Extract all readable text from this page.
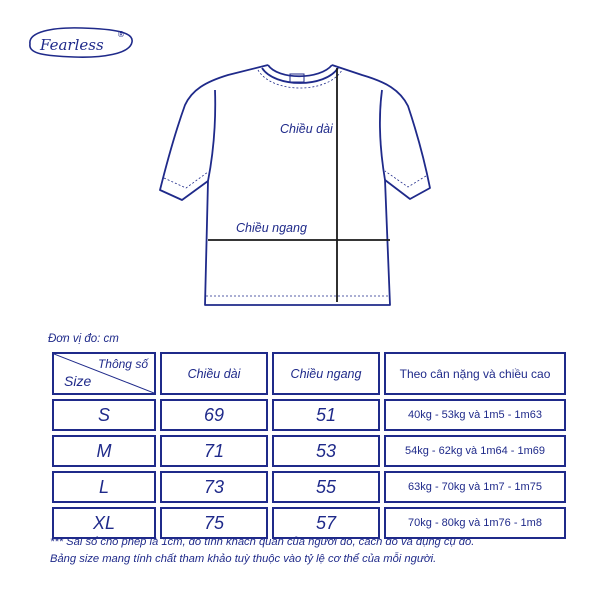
Fearless
®
Chiều dài
Chiều ngang
Đơn vị đo: cm
Thông số
Size	Chiều dài	Chiều ngang	Theo cân nặng và chiều cao
S	69	51	40kg - 53kg và 1m5 - 1m63
M	71	53	54kg - 62kg và 1m64 - 1m69
L	73	55	63kg - 70kg và 1m7 - 1m75
XL	75	57	70kg - 80kg và 1m76 - 1m8
*** Sai số cho phép là 1cm, do tính khách quan của người đo, cách đo và dụng cụ đo.
Bảng size mang tính chất tham khảo tuỳ thuộc vào tỷ lệ cơ thể của mỗi người.
